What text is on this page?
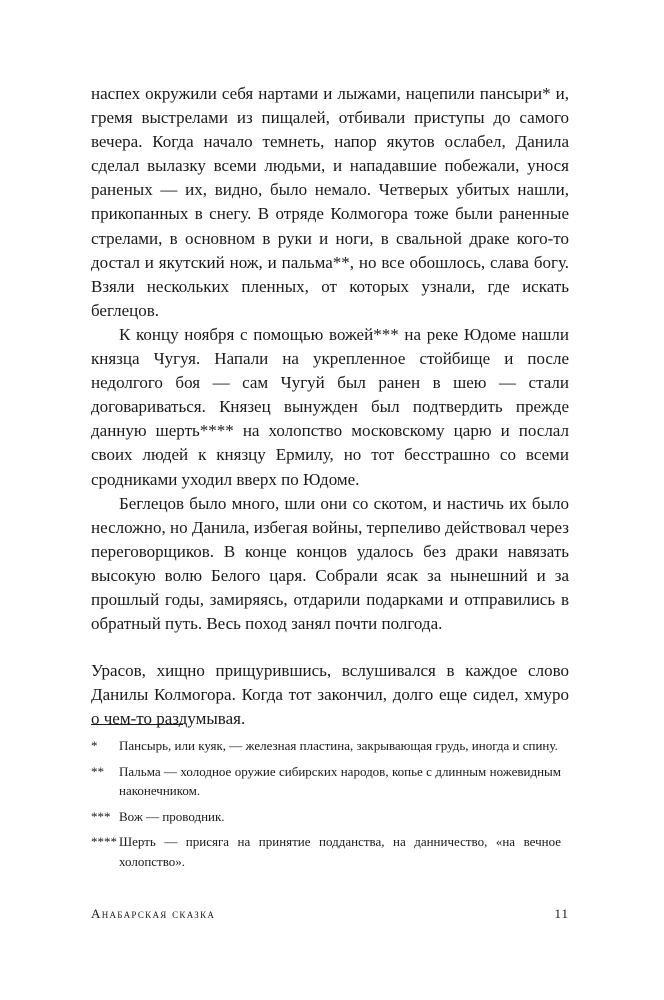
наспех окружили себя нартами и лыжами, нацепили пансыри* и, гремя выстрелами из пищалей, отбивали приступы до самого вечера. Когда начало темнеть, напор якутов ослабел, Данила сделал вылазку всеми людьми, и нападавшие побежали, унося раненых — их, видно, было немало. Четверых убитых нашли, прикопанных в снегу. В отряде Колмогора тоже были раненные стрелами, в основном в руки и ноги, в свальной драке кого-то достал и якутский нож, и пальма**, но все обошлось, слава богу. Взяли нескольких пленных, от которых узнали, где искать беглецов.

К концу ноября с помощью вожей*** на реке Юдоме нашли князца Чугуя. Напали на укрепленное стойбище и после недолгого боя — сам Чугуй был ранен в шею — стали договариваться. Князец вынужден был подтвердить прежде данную шерть**** на холопство московскому царю и послал своих людей к князцу Ермилу, но тот бесстрашно со всеми сродниками уходил вверх по Юдоме.

Беглецов было много, шли они со скотом, и настичь их было несложно, но Данила, избегая войны, терпеливо действовал через переговорщиков. В конце концов удалось без драки навязать высокую волю Белого царя. Собрали ясак за нынешний и за прошлый годы, замиряясь, отдарили подарками и отправились в обратный путь. Весь поход занял почти полгода.

Урасов, хищно прищурившись, вслушивался в каждое слово Данилы Колмогора. Когда тот закончил, долго еще сидел, хмуро о чем-то раздумывая.

*	Пансырь, или куяк, — железная пластина, закрывающая грудь, иногда и спину.
**	Пальма — холодное оружие сибирских народов, копье с длинным ножевидным наконечником.
*** Вож — проводник.
**** Шерть — присяга на принятие подданства, на данничество, «на вечное холопство».
Анабарская сказка	11
